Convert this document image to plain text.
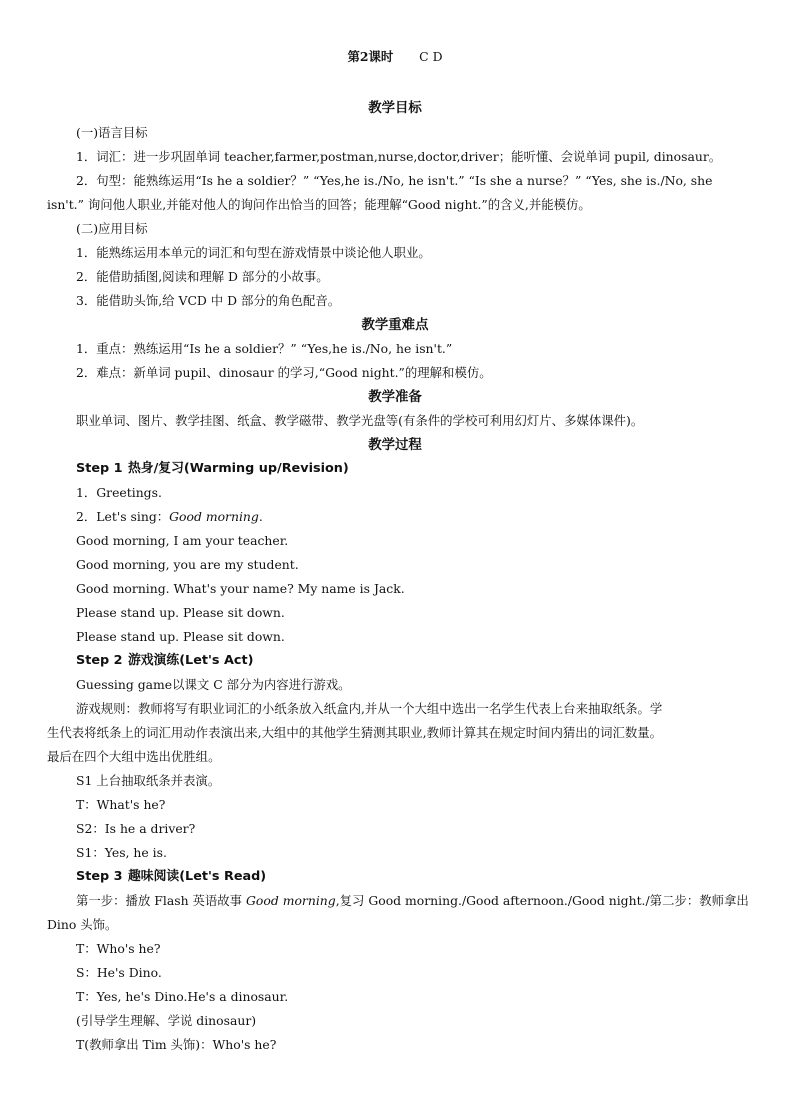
第2课时 C D
教学目标
(一)语言目标
1．词汇：进一步巩固单词 teacher,farmer,postman,nurse,doctor,driver；能听懂、会说单词 pupil, dinosaur。
2．句型：能熟练运用“Is he a soldier？” “Yes,he is./No, he isn't.” “Is she a nurse？” “Yes, she is./No, she
isn't.” 询问他人职业,并能对他人的询问作出恰当的回答；能理解“Good night.”的含义,并能模仿。
(二)应用目标
1．能熟练运用本单元的词汇和句型在游戏情景中谈论他人职业。
2．能借助插图,阅读和理解 D 部分的小故事。
3．能借助头饰,给 VCD 中 D 部分的角色配音。
教学重难点
1．重点：熟练运用“Is he a soldier？” “Yes,he is./No, he isn't.”
2．难点：新单词 pupil、dinosaur 的学习,“Good night.”的理解和模仿。
教学准备
职业单词、图片、教学挂图、纸盒、教学磁带、教学光盘等(有条件的学校可利用幻灯片、多媒体课件)。
教学过程
Step 1 热身/复习(Warming up/Revision)
1．Greetings.
2．Let's sing：Good morning.
Good morning, I am your teacher.
Good morning, you are my student.
Good morning. What's your name? My name is Jack.
Please stand up. Please sit down.
Please stand up. Please sit down.
Step 2 游戏演练(Let's Act)
Guessing game以课文 C 部分为内容进行游戏。
游戏规则：教师将写有职业词汇的小纸条放入纸盒内,并从一个大组中选出一名学生代表上台来抽取纸条。学
生代表将纸条上的词汇用动作表演出来,大组中的其他学生猜测其职业,教师计算其在规定时间内猜出的词汇数量。
最后在四个大组中选出优胜组。
S1 上台抽取纸条并表演。
T：What's he?
S2：Is he a driver?
S1：Yes, he is.
Step 3 趣味阅读(Let's Read)
第一步：播放 Flash 英语故事 Good morning,复习 Good morning./Good afternoon./Good night./第二步：教师拿出
Dino 头饰。
T：Who's he?
S：He's Dino.
T：Yes, he's Dino.He's a dinosaur.
(引导学生理解、学说 dinosaur)
T(教师拿出 Tim 头饰)：Who's he?
